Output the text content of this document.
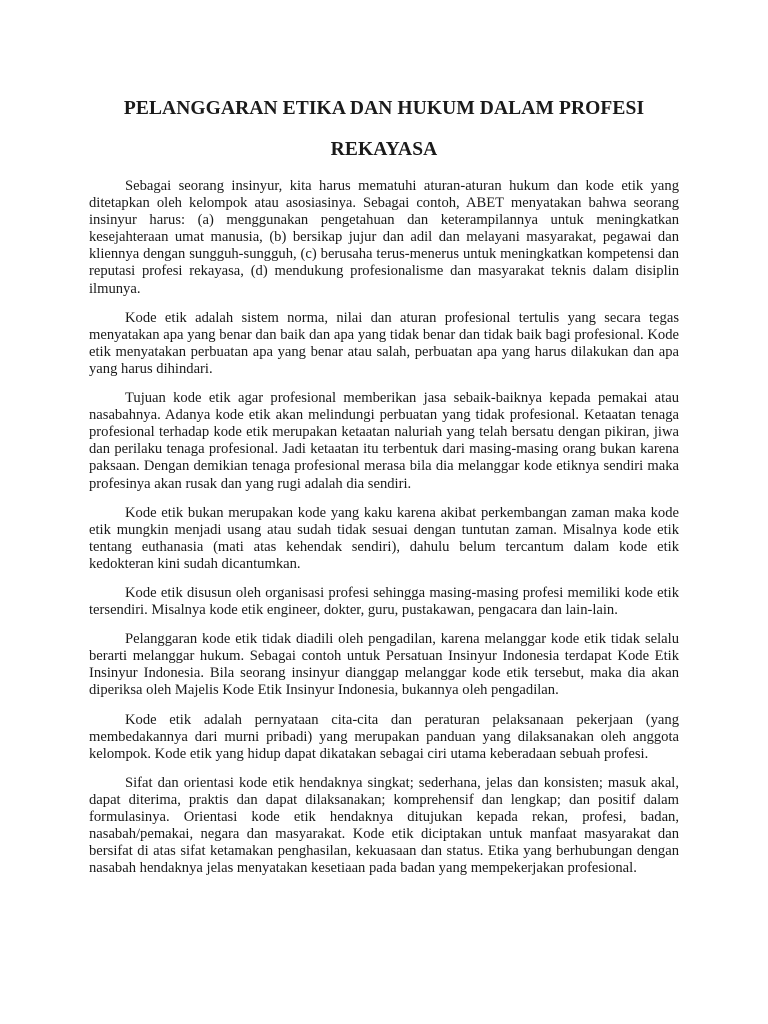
PELANGGARAN ETIKA DAN HUKUM DALAM PROFESI
REKAYASA

Sebagai seorang insinyur, kita harus mematuhi aturan-aturan hukum dan kode etik yang ditetapkan oleh kelompok atau asosiasinya. Sebagai contoh, ABET menyatakan bahwa seorang insinyur harus: (a) menggunakan pengetahuan dan keterampilannya untuk meningkatkan kesejahteraan umat manusia, (b) bersikap jujur dan adil dan melayani masyarakat, pegawai dan kliennya dengan sungguh-sungguh, (c) berusaha terus-menerus untuk meningkatkan kompetensi dan reputasi profesi rekayasa, (d) mendukung profesionalisme dan masyarakat teknis dalam disiplin ilmunya.

Kode etik adalah sistem norma, nilai dan aturan profesional tertulis yang secara tegas menyatakan apa yang benar dan baik dan apa yang tidak benar dan tidak baik bagi profesional. Kode etik menyatakan perbuatan apa yang benar atau salah, perbuatan apa yang harus dilakukan dan apa yang harus dihindari.

Tujuan kode etik agar profesional memberikan jasa sebaik-baiknya kepada pemakai atau nasabahnya. Adanya kode etik akan melindungi perbuatan yang tidak profesional. Ketaatan tenaga profesional terhadap kode etik merupakan ketaatan naluriah yang telah bersatu dengan pikiran, jiwa dan perilaku tenaga profesional. Jadi ketaatan itu terbentuk dari masing-masing orang bukan karena paksaan. Dengan demikian tenaga profesional merasa bila dia melanggar kode etiknya sendiri maka profesinya akan rusak dan yang rugi adalah dia sendiri.

Kode etik bukan merupakan kode yang kaku karena akibat perkembangan zaman maka kode etik mungkin menjadi usang atau sudah tidak sesuai dengan tuntutan zaman. Misalnya kode etik tentang euthanasia (mati atas kehendak sendiri), dahulu belum tercantum dalam kode etik kedokteran kini sudah dicantumkan.

Kode etik disusun oleh organisasi profesi sehingga masing-masing profesi memiliki kode etik tersendiri. Misalnya kode etik engineer, dokter, guru, pustakawan, pengacara dan lain-lain.

Pelanggaran kode etik tidak diadili oleh pengadilan, karena melanggar kode etik tidak selalu berarti melanggar hukum. Sebagai contoh untuk Persatuan Insinyur Indonesia terdapat Kode Etik Insinyur Indonesia. Bila seorang insinyur dianggap melanggar kode etik tersebut, maka dia akan diperiksa oleh Majelis Kode Etik Insinyur Indonesia, bukannya oleh pengadilan.

Kode etik adalah pernyataan cita-cita dan peraturan pelaksanaan pekerjaan (yang membedakannya dari murni pribadi) yang merupakan panduan yang dilaksanakan oleh anggota kelompok. Kode etik yang hidup dapat dikatakan sebagai ciri utama keberadaan sebuah profesi.

Sifat dan orientasi kode etik hendaknya singkat; sederhana, jelas dan konsisten; masuk akal, dapat diterima, praktis dan dapat dilaksanakan; komprehensif dan lengkap; dan positif dalam formulasinya. Orientasi kode etik hendaknya ditujukan kepada rekan, profesi, badan, nasabah/pemakai, negara dan masyarakat. Kode etik diciptakan untuk manfaat masyarakat dan bersifat di atas sifat ketamakan penghasilan, kekuasaan dan status. Etika yang berhubungan dengan nasabah hendaknya jelas menyatakan kesetiaan pada badan yang mempekerjakan profesional.
